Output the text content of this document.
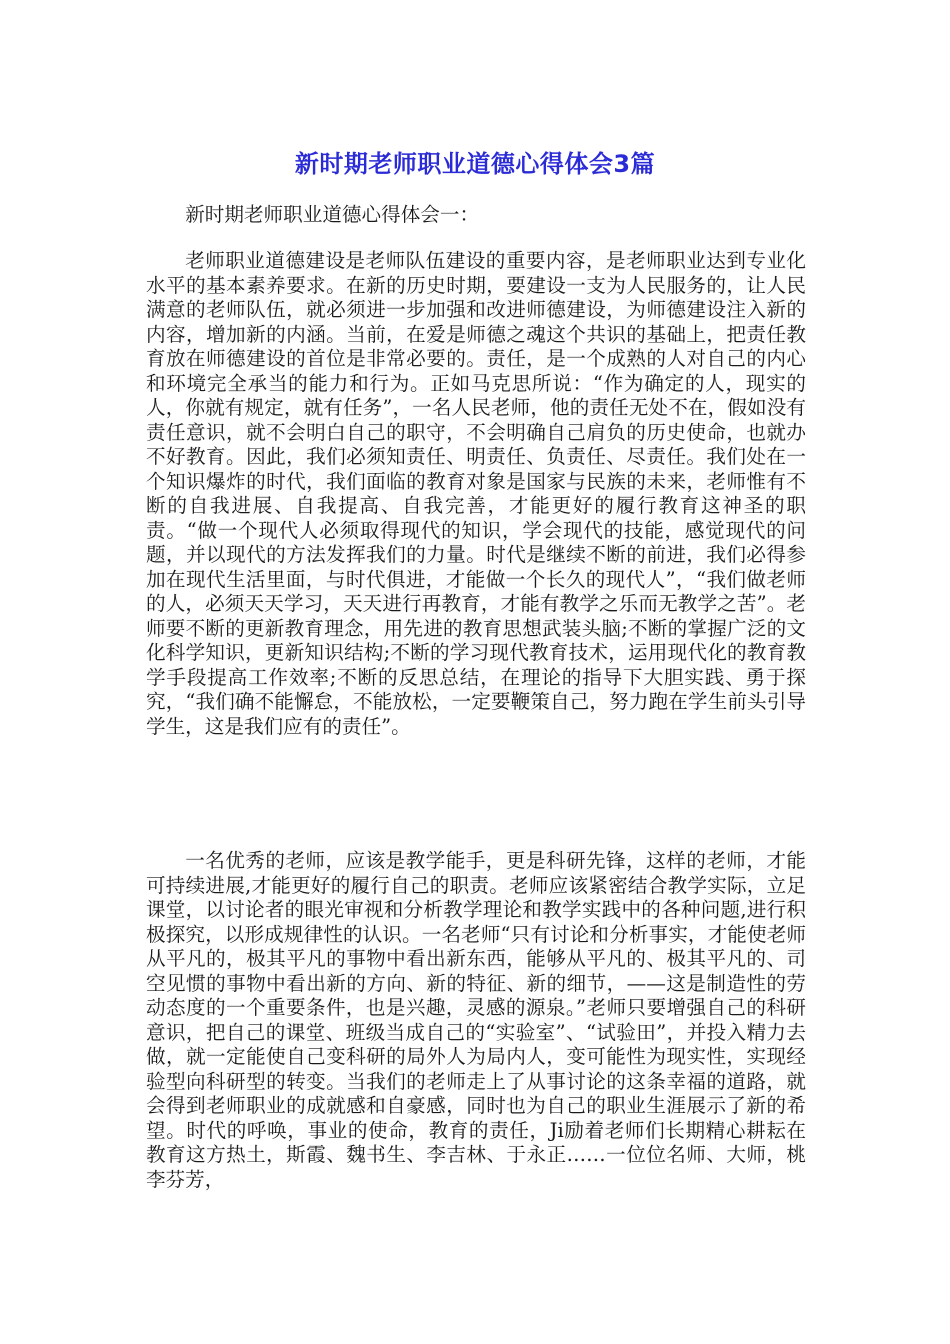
新时期老师职业道德心得体会3篇

新时期老师职业道德心得体会一：

老师职业道德建设是老师队伍建设的重要内容，是老师职业达到专业化水平的基本素养要求。在新的历史时期，要建设一支为人民服务的，让人民满意的老师队伍，就必须进一步加强和改进师德建设，为师德建设注入新的内容，增加新的内涵。当前，在爱是师德之魂这个共识的基础上，把责任教育放在师德建设的首位是非常必要的。责任，是一个成熟的人对自己的内心和环境完全承当的能力和行为。正如马克思所说：“作为确定的人，现实的人，你就有规定，就有任务”，一名人民老师，他的责任无处不在，假如没有责任意识，就不会明白自己的职守，不会明确自己肩负的历史使命，也就办不好教育。因此，我们必须知责任、明责任、负责任、尽责任。我们处在一个知识爆炸的时代，我们面临的教育对象是国家与民族的未来，老师惟有不断的自我进展、自我提高、自我完善，才能更好的履行教育这神圣的职责。“做一个现代人必须取得现代的知识，学会现代的技能，感觉现代的问题，并以现代的方法发挥我们的力量。时代是继续不断的前进，我们必得参加在现代生活里面，与时代俱进，才能做一个长久的现代人”，“我们做老师的人，必须天天学习，天天进行再教育，才能有教学之乐而无教学之苦”。老师要不断的更新教育理念，用先进的教育思想武装头脑;不断的掌握广泛的文化科学知识，更新知识结构;不断的学习现代教育技术，运用现代化的教育教学手段提高工作效率;不断的反思总结，在理论的指导下大胆实践、勇于探究，“我们确不能懈怠，不能放松，一定要鞭策自己，努力跑在学生前头引导学生，这是我们应有的责任”。

一名优秀的老师，应该是教学能手，更是科研先锋，这样的老师，才能可持续进展,才能更好的履行自己的职责。老师应该紧密结合教学实际，立足课堂，以讨论者的眼光审视和分析教学理论和教学实践中的各种问题,进行积极探究，以形成规律性的认识。一名老师“只有讨论和分析事实，才能使老师从平凡的，极其平凡的事物中看出新东西，能够从平凡的、极其平凡的、司空见惯的事物中看出新的方向、新的特征、新的细节，——这是制造性的劳动态度的一个重要条件，也是兴趣，灵感的源泉。”老师只要增强自己的科研意识，把自己的课堂、班级当成自己的“实验室”、“试验田”，并投入精力去做，就一定能使自己变科研的局外人为局内人，变可能性为现实性，实现经验型向科研型的转变。当我们的老师走上了从事讨论的这条幸福的道路，就会得到老师职业的成就感和自豪感，同时也为自己的职业生涯展示了新的希望。时代的呼唤，事业的使命，教育的责任，Ji励着老师们长期精心耕耘在教育这方热土，斯霞、魏书生、李吉林、于永正……一位位名师、大师，桃李芬芳，
